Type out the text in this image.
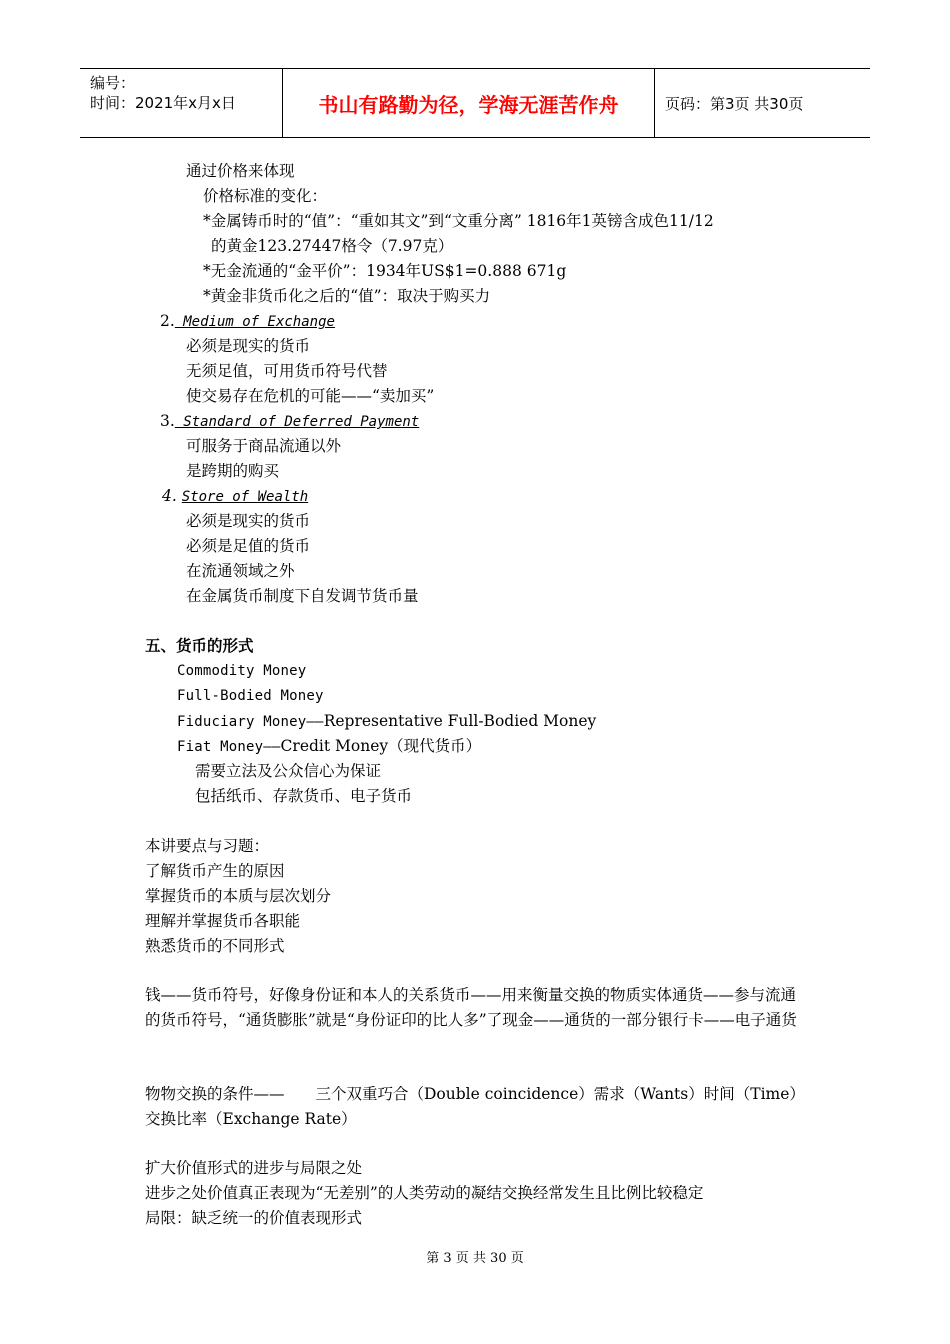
编号：
时间：2021年x月x日	书山有路勤为径，学海无涯苦作舟	页码：第3页 共30页
通过价格来体现
价格标准的变化：
*金属铸币时的“值”：“重如其文”到“文重分离” 1816年1英镑含成色11/12
的黄金123.27447格令（7.97克）
*无金流通的“金平价”：1934年US$1=0.888 671g
*黄金非货币化之后的“值”：取决于购买力
2. Medium of Exchange
必须是现实的货币
无须足值，可用货币符号代替
使交易存在危机的可能——“卖加买”
3. Standard of Deferred Payment
可服务于商品流通以外
是跨期的购买
4. Store of Wealth
必须是现实的货币
必须是足值的货币
在流通领域之外
在金属货币制度下自发调节货币量
五、货币的形式
Commodity Money
Full-Bodied Money
Fiduciary Money——Representative Full-Bodied Money
Fiat Money——Credit Money（现代货币）
需要立法及公众信心为保证
包括纸币、存款货币、电子货币
本讲要点与习题：
了解货币产生的原因
掌握货币的本质与层次划分
理解并掌握货币各职能
熟悉货币的不同形式
钱——货币符号，好像身份证和本人的关系货币——用来衡量交换的物质实体通货——参与流通的货币符号，“通货膨胀”就是“身份证印的比人多”了现金——通货的一部分银行卡——电子通货
物物交换的条件——　　三个双重巧合（Double coincidence）需求（Wants）时间（Time）交换比率（Exchange Rate）
扩大价值形式的进步与局限之处
进步之处价值真正表现为“无差别”的人类劳动的凝结交换经常发生且比例比较稳定
局限：缺乏统一的价值表现形式
第 3 页 共 30 页
